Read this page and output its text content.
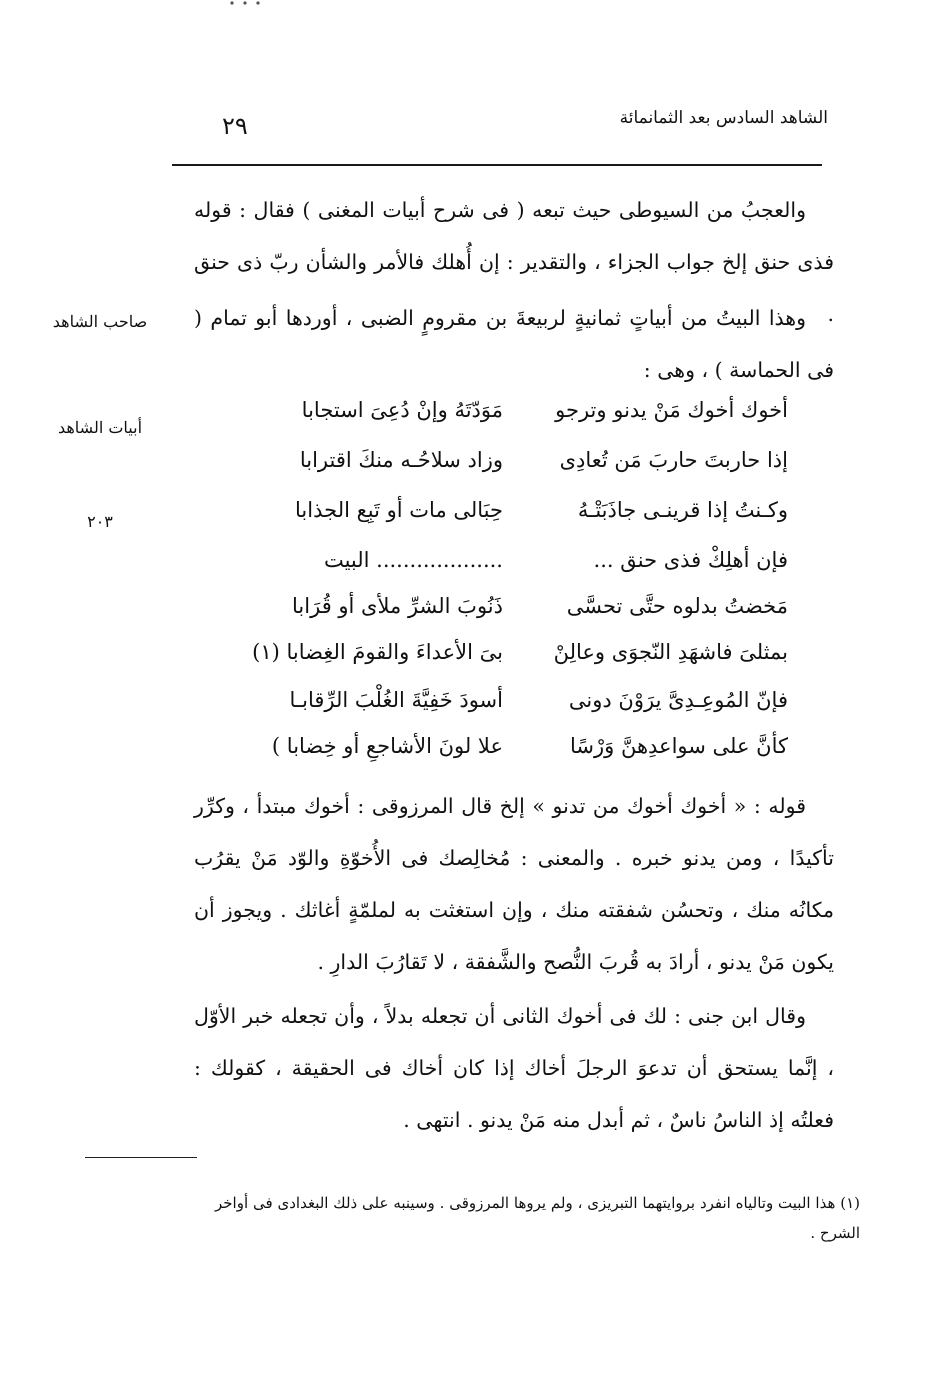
الشاهد السادس بعد الثمانمائة
٢٩
والعجبُ من السيوطى حيث تبعه ( فى شرح أبيات المغنى ) فقال : قوله فذى حنق إلخ جواب الجزاء ، والتقدير : إن أُهلك فالأمر والشأن ربّ ذى حنق .
وهذا البيتُ من أبياتٍ ثمانيةٍ لربيعةَ بن مقرومٍ الضبى ، أوردها أبو تمام ( فى الحماسة ) ، وهى :
صاحب الشاهد
أبيات الشاهد
٢٠٣
أخوك أخوك مَنْ يدنو وترجو
مَوَدّتَهُ وإنْ دُعِىَ استجابا
إذا حاربتَ حاربَ مَن تُعادِى
وزاد سلاحُـه منكَ اقترابا
وكـنتُ إذا قرينـى جاذَبَتْـهُ
حِبَالى مات أو تَبِع الجذابا
فإن أهلِكْ فذى حنق ...
................... البيت
مَخضتُ بدلوه حتَّى تحسَّى
ذَنُوبَ الشرِّ ملأى أو قُرَابا
بمثلىَ فاشهَدِ النّجوَى وعالِنْ
بىَ الأعداءَ والقومَ الغِضابا (١)
فإنّ المُوعِـدِىَّ يرَوْنَ دونى
أسودَ خَفِيَّةَ الغُلْبَ الرِّقابـا
كأنَّ على سواعدِهنَّ وَرْسًا
علا لونَ الأشاجعِ أو خِضابا )
قوله : « أخوك أخوك من تدنو » إلخ قال المرزوقى : أخوك مبتدأ ، وكرِّر تأكيدًا ، ومن يدنو خبره . والمعنى : مُخالِصك فى الأُخوّةِ والوّد مَنْ يقرُب مكانُه منك ، وتحسُن شفقته منك ، وإن استغثت به لملمّةٍ أغاثك . ويجوز أن يكون مَنْ يدنو ، أرادَ به قُربَ النُّصح والشَّفقة ، لا تَقارُبَ الدارِ .
وقال ابن جنى : لك فى أخوك الثانى أن تجعله بدلاً ، وأن تجعله خبر الأوّل ، إنَّما يستحق أن تدعوَ الرجلَ أخاك إذا كان أخاك فى الحقيقة ، كقولك : فعلتُه إذ الناسُ ناسٌ ، ثم أبدل منه مَنْ يدنو . انتهى .
(١) هذا البيت وتالياه انفرد بروايتهما التبريزى ، ولم يروها المرزوقى . وسينبه على ذلك البغدادى فى أواخر الشرح .
